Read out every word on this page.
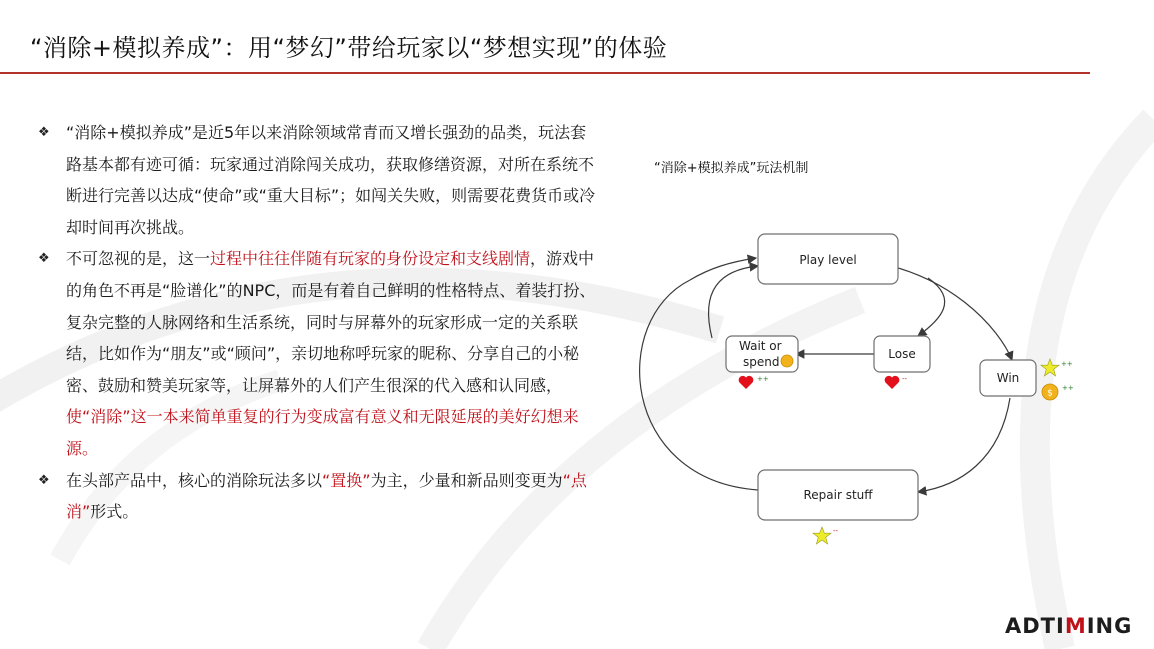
“消除+模拟养成”：用“梦幻”带给玩家以“梦想实现”的体验
❖ “消除+模拟养成”是近5年以来消除领域常青而又增长强劲的品类，玩法套路基本都有迹可循：玩家通过消除闯关成功，获取修缮资源，对所在系统不断进行完善以达成“使命”或“重大目标”；如闯关失败，则需要花费货币或冷却时间再次挑战。
❖ 不可忽视的是，这一过程中往往伴随有玩家的身份设定和支线剧情，游戏中的角色不再是“脸谱化”的NPC，而是有着自己鲜明的性格特点、着装打扮、复杂完整的人脉网络和生活系统，同时与屏幕外的玩家形成一定的关系联结，比如作为“朋友”或“顾问”，亲切地称呼玩家的昵称、分享自己的小秘密、鼓励和赞美玩家等，让屏幕外的人们产生很深的代入感和认同感，使“消除”这一本来简单重复的行为变成富有意义和无限延展的美好幻想来源。
❖ 在头部产品中，核心的消除玩法多以“置换”为主，少量和新品则变更为“点消”形式。
“消除+模拟养成”玩法机制
Play level
Lose
Wait or
spend
Win
Repair stuff
++	--
++
$
++
--
ADTIMING
